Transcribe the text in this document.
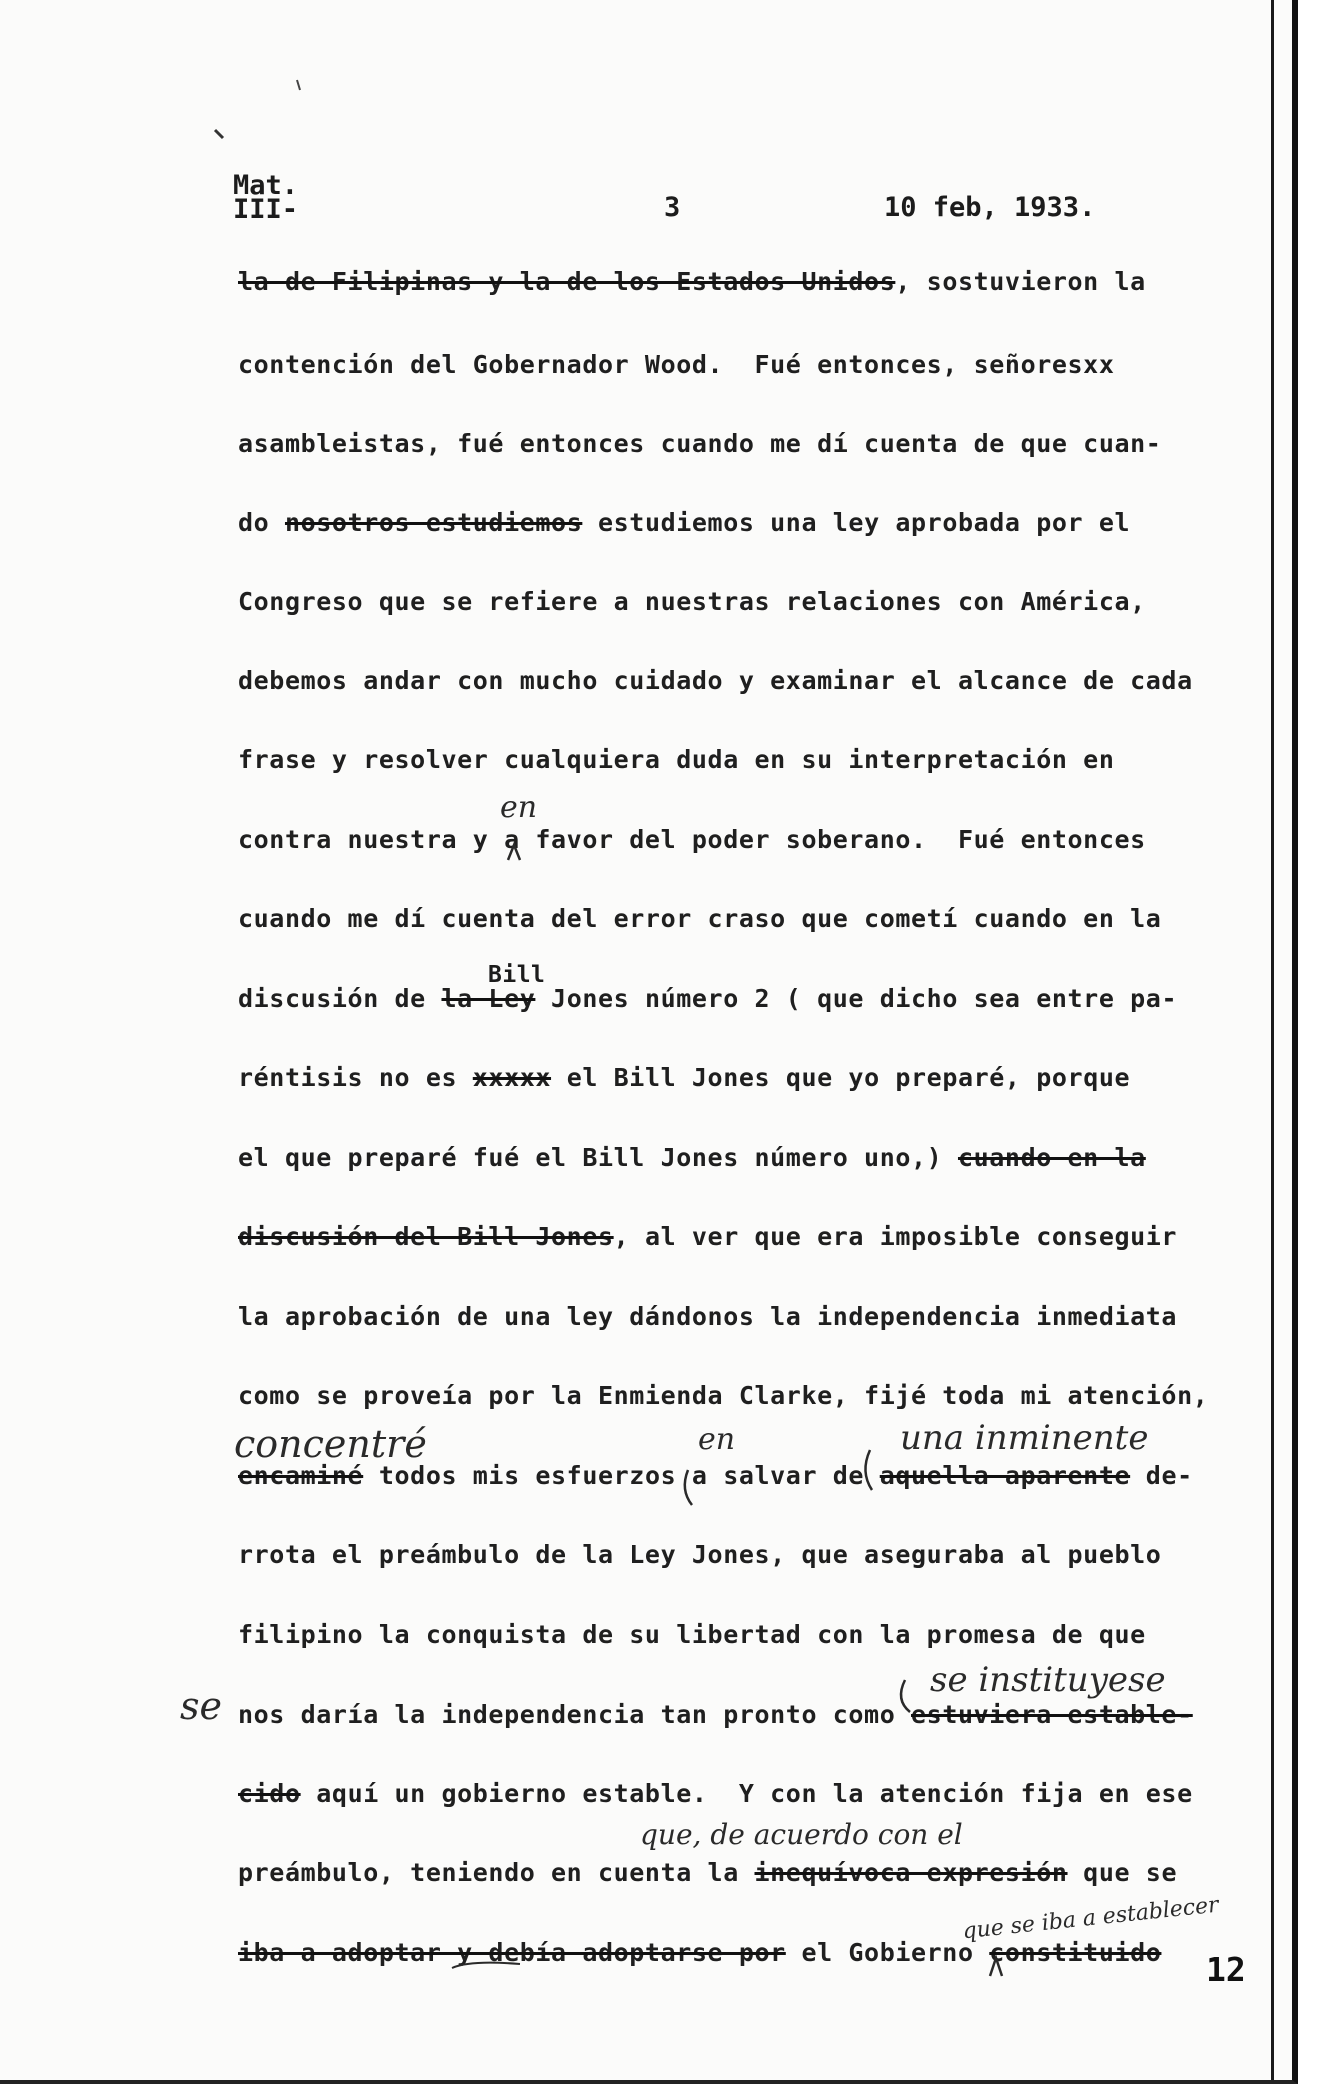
Mat.
III-	3	10 feb, 1933.
la de Filipinas y la de los Estados Unidos, sostuvieron la
contención del Gobernador Wood.  Fué entonces, señoresxx
asambleistas, fué entonces cuando me dí cuenta de que cuan-
do nosotros estudiemos estudiemos una ley aprobada por el
Congreso que se refiere a nuestras relaciones con América,
debemos andar con mucho cuidado y examinar el alcance de cada
frase y resolver cualquiera duda en su interpretación en
contra nuestra y a favor del poder soberano.  Fué entonces
cuando me dí cuenta del error craso que cometí cuando en la
discusión de la Ley Jones número 2 ( que dicho sea entre pa-
réntisis no es xxxxx el Bill Jones que yo preparé, porque
el que preparé fué el Bill Jones número uno,) cuando en la
discusión del Bill Jones, al ver que era imposible conseguir
la aprobación de una ley dándonos la independencia inmediata
como se proveía por la Enmienda Clarke, fijé toda mi atención,
encaminé todos mis esfuerzos a salvar de aquella aparente de-
rrota el preámbulo de la Ley Jones, que aseguraba al pueblo
filipino la conquista de su libertad con la promesa de que
nos daría la independencia tan pronto como estuviera estable-
cido aquí un gobierno estable.  Y con la atención fija en ese
preámbulo, teniendo en cuenta la inequívoca expresión que se
iba a adoptar y debía adoptarse por el Gobierno constituido
Bill
en
concentré	en	una inminente
se
se instituyese
que, de acuerdo con el
que se iba a establecer
12
